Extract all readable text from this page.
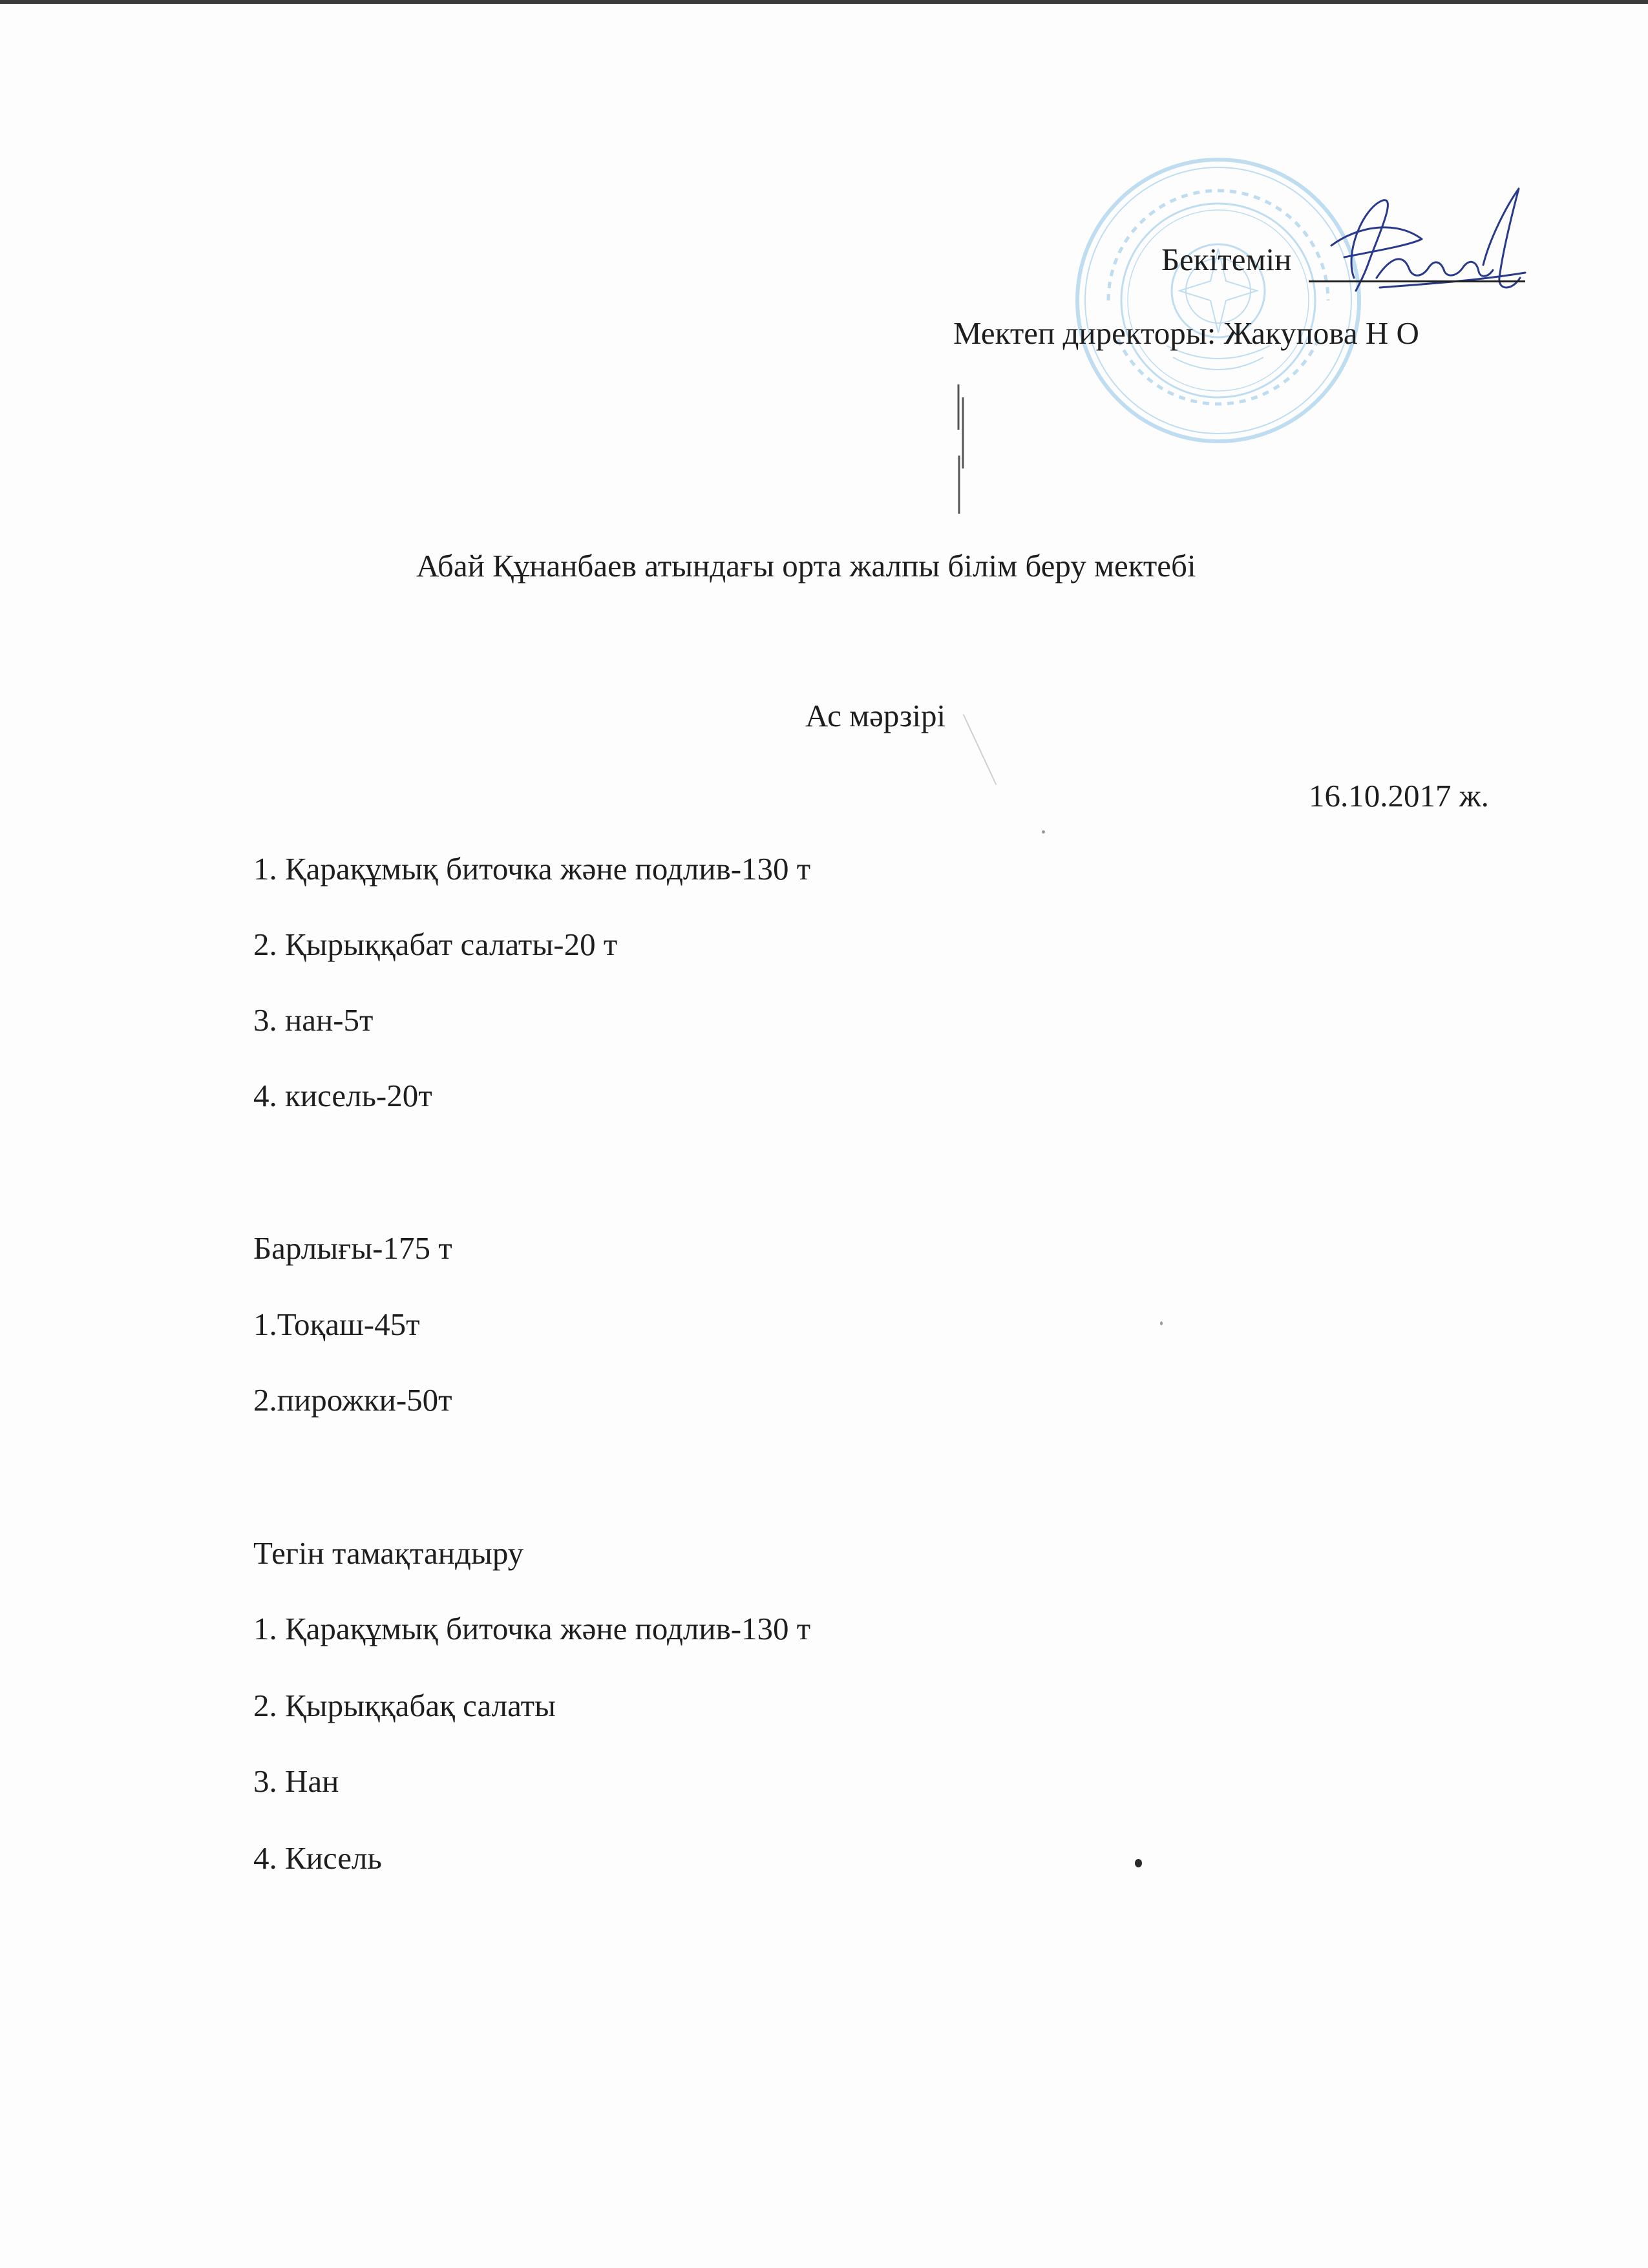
Бекітемін
Мектеп директоры: Жакупова Н О
Абай Құнанбаев атындағы орта жалпы білім беру мектебі
Ас мәрзірі
16.10.2017 ж.
1. Қарақұмық биточка және подлив-130 т
2. Қырыққабат салаты-20 т
3. нан-5т
4. кисель-20т
Барлығы-175 т
1.Тоқаш-45т
2.пирожки-50т
Тегін тамақтандыру
1. Қарақұмық биточка және подлив-130 т
2. Қырыққабақ салаты
3. Нан
4. Кисель
